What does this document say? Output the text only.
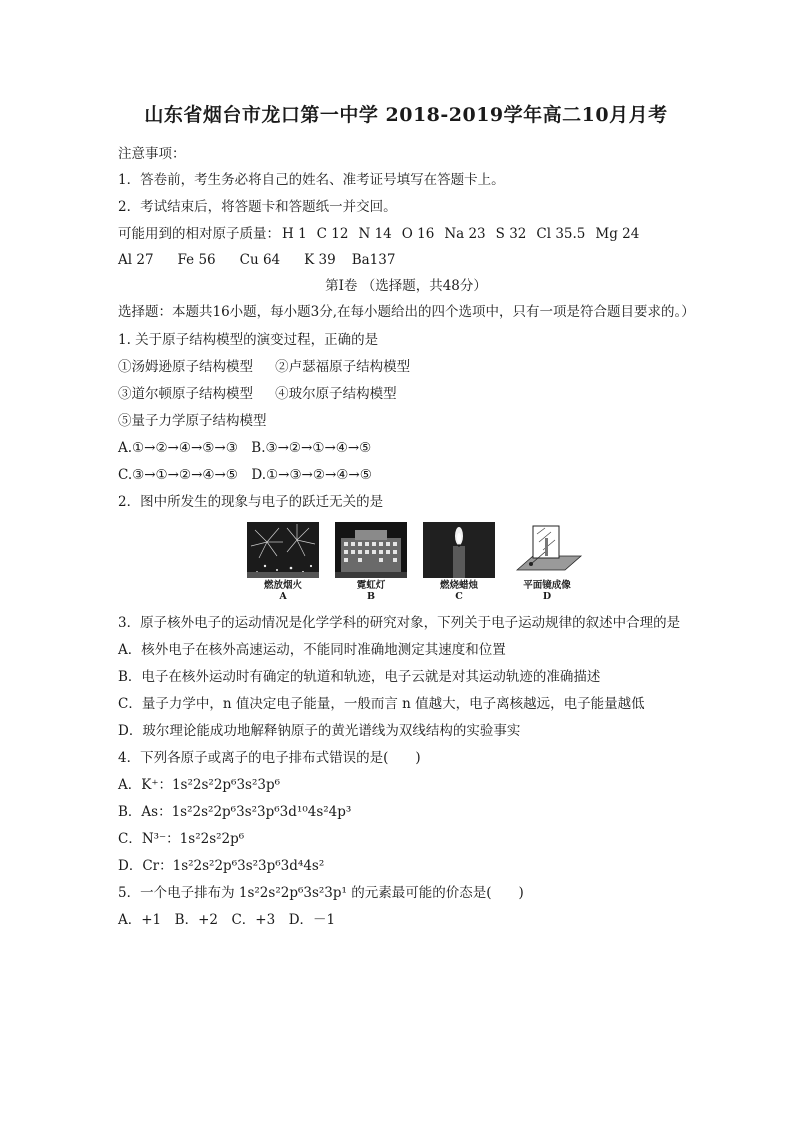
山东省烟台市龙口第一中学 2018-2019学年高二10月月考
注意事项：
1．答卷前，考生务必将自己的姓名、准考证号填写在答题卡上。
2．考试结束后，将答题卡和答题纸一并交回。
可能用到的相对原子质量： H 1 C 12 N 14 O 16 Na 23 S 32 Cl 35.5 Mg 24
Al 27 Fe 56 Cu 64 K 39 Ba137
第Ⅰ卷 （选择题，共48分）
选择题：本题共16小题，每小题3分,在每小题给出的四个选项中，只有一项是符合题目要求的。）
1. 关于原子结构模型的演变过程，正确的是
①汤姆逊原子结构模型 　 ②卢瑟福原子结构模型
③道尔顿原子结构模型 　 ④玻尔原子结构模型
⑤量子力学原子结构模型
A.①→②→④→⑤→③　B.③→②→①→④→⑤
C.③→①→②→④→⑤　D.①→③→②→④→⑤
2．图中所发生的现象与电子的跃迁无关的是
燃放烟火
A
霓虹灯
B
燃烧蜡烛
C
平面镜成像
D
3．原子核外电子的运动情况是化学学科的研究对象，下列关于电子运动规律的叙述中合理的是
A．核外电子在核外高速运动，不能同时准确地测定其速度和位置
B．电子在核外运动时有确定的轨道和轨迹，电子云就是对其运动轨迹的准确描述
C．量子力学中，n 值决定电子能量，一般而言 n 值越大，电子离核越远，电子能量越低
D．玻尔理论能成功地解释钠原子的黄光谱线为双线结构的实验事实
4．下列各原子或离子的电子排布式错误的是(　　)
A．K⁺：1s²2s²2p⁶3s²3p⁶
B．As：1s²2s²2p⁶3s²3p⁶3d¹⁰4s²4p³
C．N³⁻：1s²2s²2p⁶
D．Cr：1s²2s²2p⁶3s²3p⁶3d⁴4s²
5．一个电子排布为 1s²2s²2p⁶3s²3p¹ 的元素最可能的价态是(　　)
A．+1　B．+2　C．+3　D．－1
